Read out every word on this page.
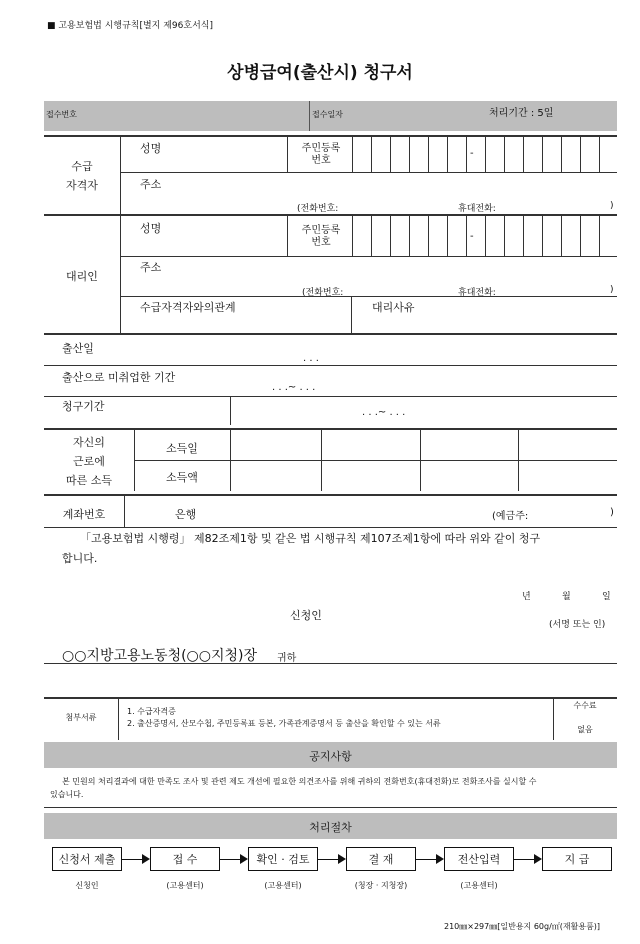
■ 고용보험법 시행규칙[별지 제96호서식]
상병급여(출산시) 청구서
접수번호	접수일자	처리기간 : 5일
수급
자격자
성명	주민등록
번호
-
주소
(전화번호:	휴대전화:	)
대리인
성명	주민등록
번호
-
주소
(전화번호:	휴대전화:	)
수급자격자와의관계	대리사유
출산일
. . .
출산으로 미취업한 기간
. . .~ . . .
청구기간	. . .~ . . .
자신의
근로에
따른 소득
소득일
소득액
계좌번호	은행	(예금주:	)
「고용보험법 시행령」 제82조제1항 및 같은 법 시행규칙 제107조제1항에 따라 위와 같이 청구
합니다.
년	월	일
신청인
(서명 또는 인)
○○지방고용노동청(○○지청)장 귀하
첨부서류
1. 수급자격증
2. 출산증명서, 산모수첩, 주민등록표 등본, 가족관계증명서 등 출산을 확인할 수 있는 서류
수수료
없음
공지사항
본 민원의 처리결과에 대한 만족도 조사 및 관련 제도 개선에 필요한 의견조사를 위해 귀하의 전화번호(휴대전화)로 전화조사를 실시할 수
있습니다.
처리절차
신청서 제출	접 수	확인 · 검토	결 재	전산입력	지 급
신청인	(고용센터)	(고용센터)	(청장 · 지청장)	(고용센터)
210㎜×297㎜[일반용지 60g/㎡(재활용품)]
